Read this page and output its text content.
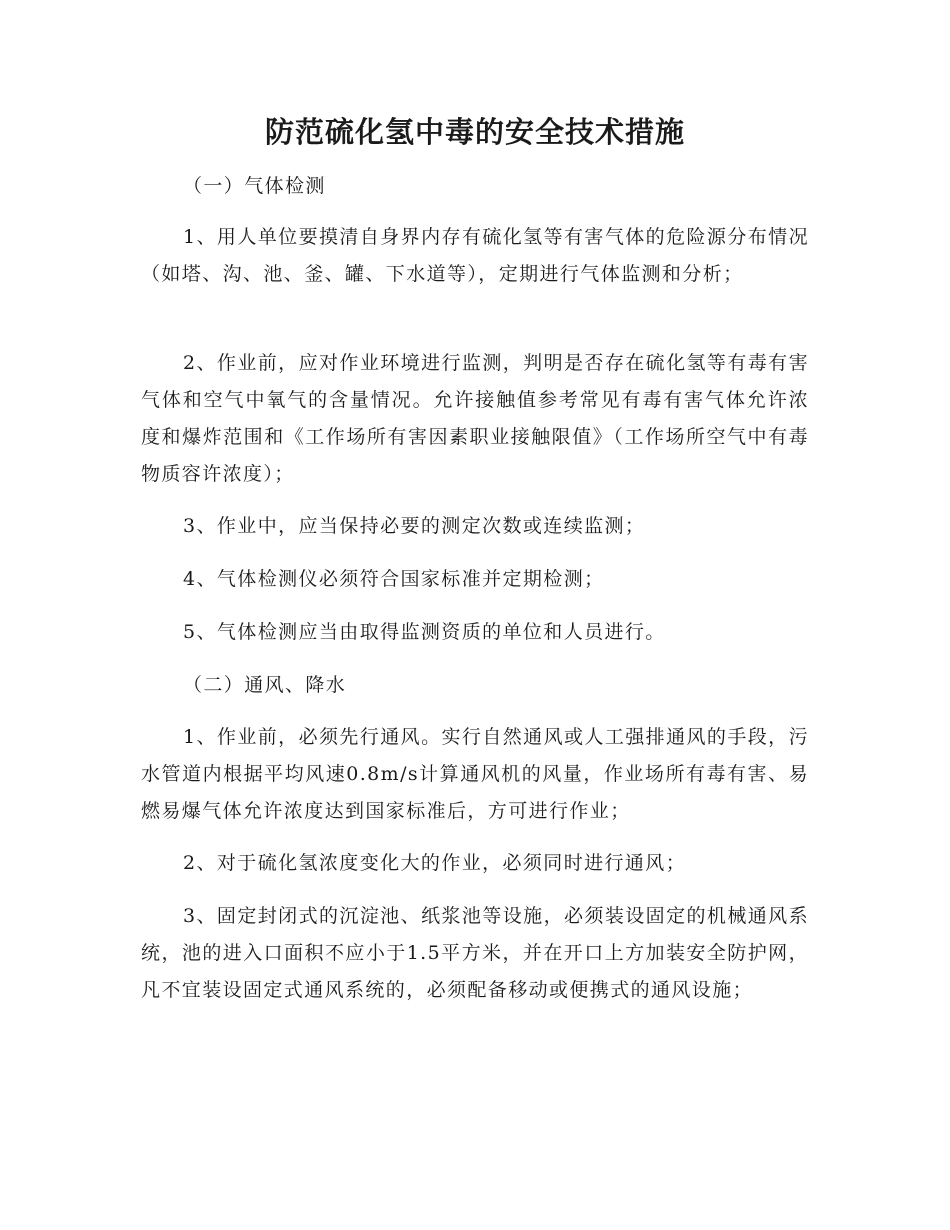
防范硫化氢中毒的安全技术措施

（一）气体检测

1、用人单位要摸清自身界内存有硫化氢等有害气体的危险源分布情况（如塔、沟、池、釜、罐、下水道等），定期进行气体监测和分析；

2、作业前，应对作业环境进行监测，判明是否存在硫化氢等有毒有害气体和空气中氧气的含量情况。允许接触值参考常见有毒有害气体允许浓度和爆炸范围和《工作场所有害因素职业接触限值》（工作场所空气中有毒物质容许浓度）；

3、作业中，应当保持必要的测定次数或连续监测；

4、气体检测仪必须符合国家标准并定期检测；

5、气体检测应当由取得监测资质的单位和人员进行。

（二）通风、降水

1、作业前，必须先行通风。实行自然通风或人工强排通风的手段，污水管道内根据平均风速0.8m/s计算通风机的风量，作业场所有毒有害、易燃易爆气体允许浓度达到国家标准后，方可进行作业；

2、对于硫化氢浓度变化大的作业，必须同时进行通风；

3、固定封闭式的沉淀池、纸浆池等设施，必须装设固定的机械通风系统，池的进入口面积不应小于1.5平方米，并在开口上方加装安全防护网，凡不宜装设固定式通风系统的，必须配备移动或便携式的通风设施；
